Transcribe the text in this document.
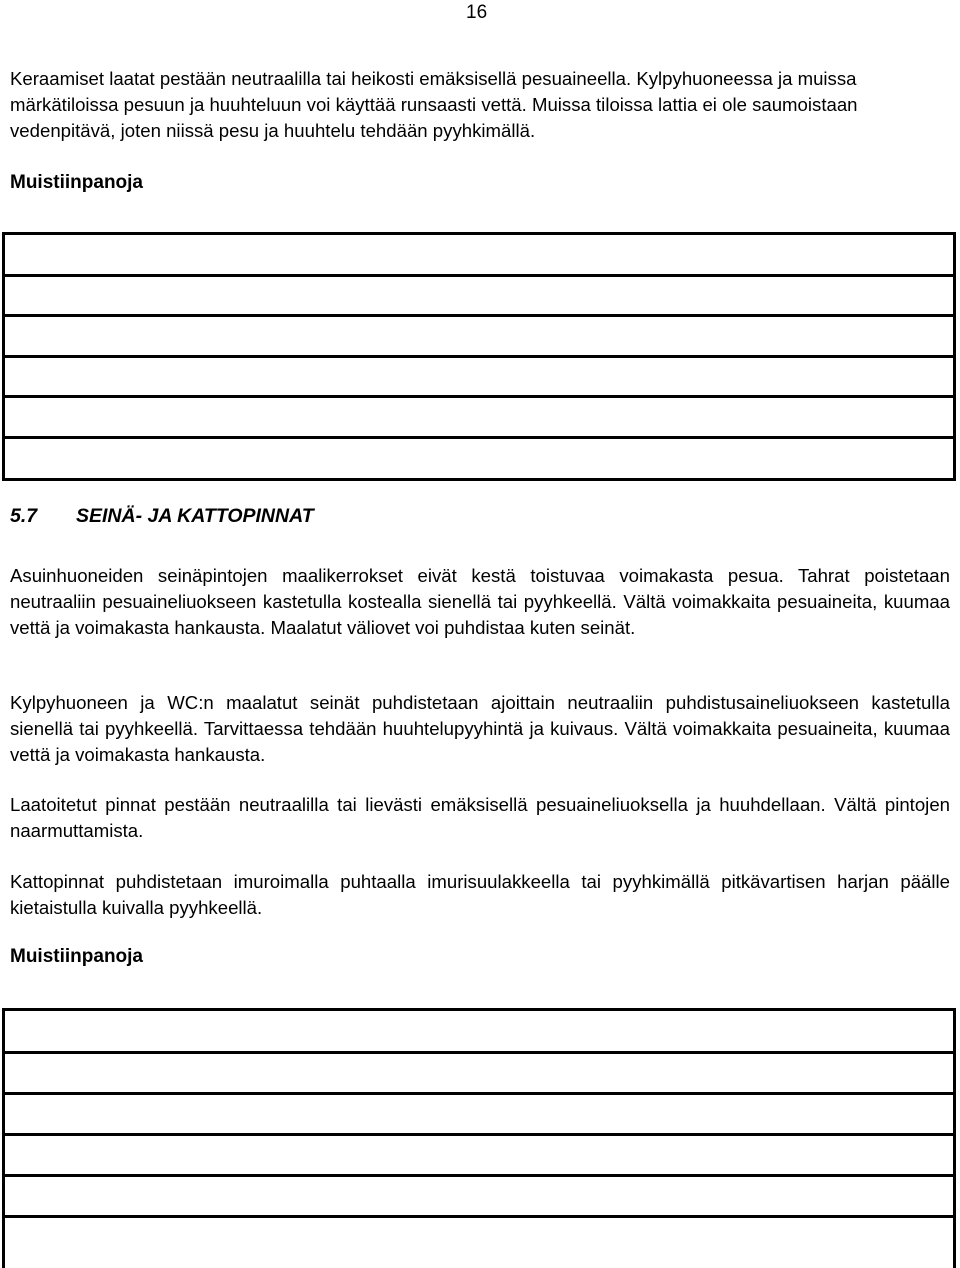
16

Keraamiset laatat pestään neutraalilla tai heikosti emäksisellä pesuaineella. Kylpyhuoneessa ja muissa märkätiloissa pesuun ja huuhteluun voi käyttää runsaasti vettä. Muissa tiloissa lattia ei ole saumoistaan vedenpitävä, joten niissä pesu ja huuhtelu tehdään pyyhkimällä.

Muistiinpanoja

5.7 SEINÄ- JA KATTOPINNAT

Asuinhuoneiden seinäpintojen maalikerrokset eivät kestä toistuvaa voimakasta pesua. Tahrat poistetaan neutraaliin pesuaineliuokseen kastetulla kostealla sienellä tai pyyhkeellä. Vältä voimakkaita pesuaineita, kuumaa vettä ja voimakasta hankausta. Maalatut väliovet voi puhdistaa kuten seinät.

Kylpyhuoneen ja WC:n maalatut seinät puhdistetaan ajoittain neutraaliin puhdistusaineliuokseen kastetulla sienellä tai pyyhkeellä. Tarvittaessa tehdään huuhtelupyyhintä ja kuivaus. Vältä voimakkaita pesuaineita, kuumaa vettä ja voimakasta hankausta.

Laatoitetut pinnat pestään neutraalilla tai lievästi emäksisellä pesuaineliuoksella ja huuhdellaan. Vältä pintojen naarmuttamista.

Kattopinnat puhdistetaan imuroimalla puhtaalla imurisuulakkeella tai pyyhkimällä pitkävartisen harjan päälle kietaistulla kuivalla pyyhkeellä.

Muistiinpanoja
